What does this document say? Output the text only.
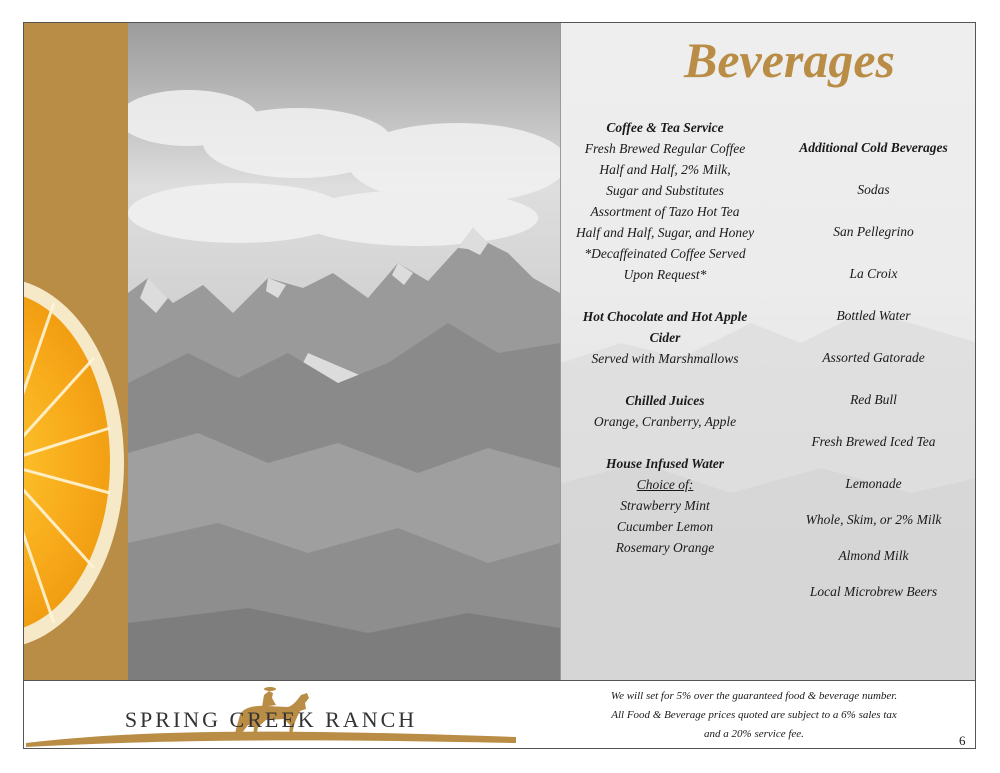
Beverages
Coffee & Tea Service
Fresh Brewed Regular Coffee
Half and Half, 2% Milk,
Sugar and Substitutes
Assortment of Tazo Hot Tea
Half and Half, Sugar, and Honey
*Decaffeinated Coffee Served
Upon Request*
Hot Chocolate and Hot Apple
Cider
Served with Marshmallows
Chilled Juices
Orange, Cranberry, Apple
House Infused Water
Choice of:
Strawberry Mint
Cucumber Lemon
Rosemary Orange
Additional Cold Beverages
Sodas
San Pellegrino
La Croix
Bottled Water
Assorted Gatorade
Red Bull
Fresh Brewed Iced Tea
Lemonade
Whole, Skim, or 2% Milk
Almond Milk
Local Microbrew Beers
SPRING CREEK RANCH
We will set for 5% over the guaranteed food & beverage number.
All Food & Beverage prices quoted are subject to a 6% sales tax
and a 20% service fee.	6
